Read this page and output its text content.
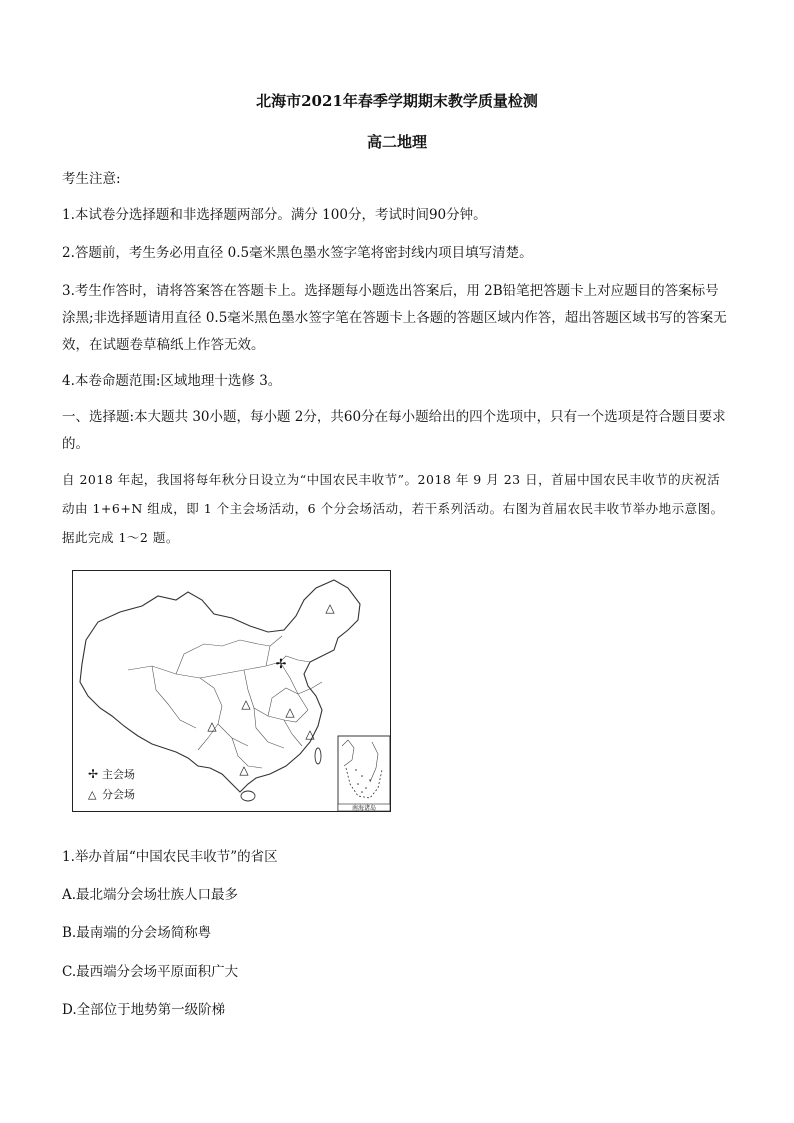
北海市2021年春季学期期末教学质量检测
高二地理
考生注意:
1.本试卷分选择题和非选择题两部分。满分 100分，考试时间90分钟。
2.答题前，考生务必用直径 0.5毫米黑色墨水签字笔将密封线内项目填写清楚。
3.考生作答时，请将答案答在答题卡上。选择题每小题选出答案后，用 2B铅笔把答题卡上对应题目的答案标号涂黑;非选择题请用直径 0.5毫米黑色墨水签字笔在答题卡上各题的答题区域内作答，超出答题区域书写的答案无效，在试题卷草稿纸上作答无效。
4.本卷命题范围:区域地理十选修 3。
一、选择题:本大题共 30小题，每小题 2分，共60分在每小题给出的四个选项中，只有一个选项是符合题目要求的。
自 2018 年起，我国将每年秋分日设立为“中国农民丰收节”。2018 年 9 月 23 日，首届中国农民丰收节的庆祝活动由 1+6+N 组成，即 1 个主会场活动，6 个分会场活动，若干系列活动。右图为首届农民丰收节举办地示意图。据此完成 1～2 题。
✢
△
△
△
△
△
△
✢ 主会场
△ 分会场
南海诸岛
1.举办首届“中国农民丰收节”的省区
A.最北端分会场壮族人口最多
B.最南端的分会场简称粤
C.最西端分会场平原面积广大
D.全部位于地势第一级阶梯
